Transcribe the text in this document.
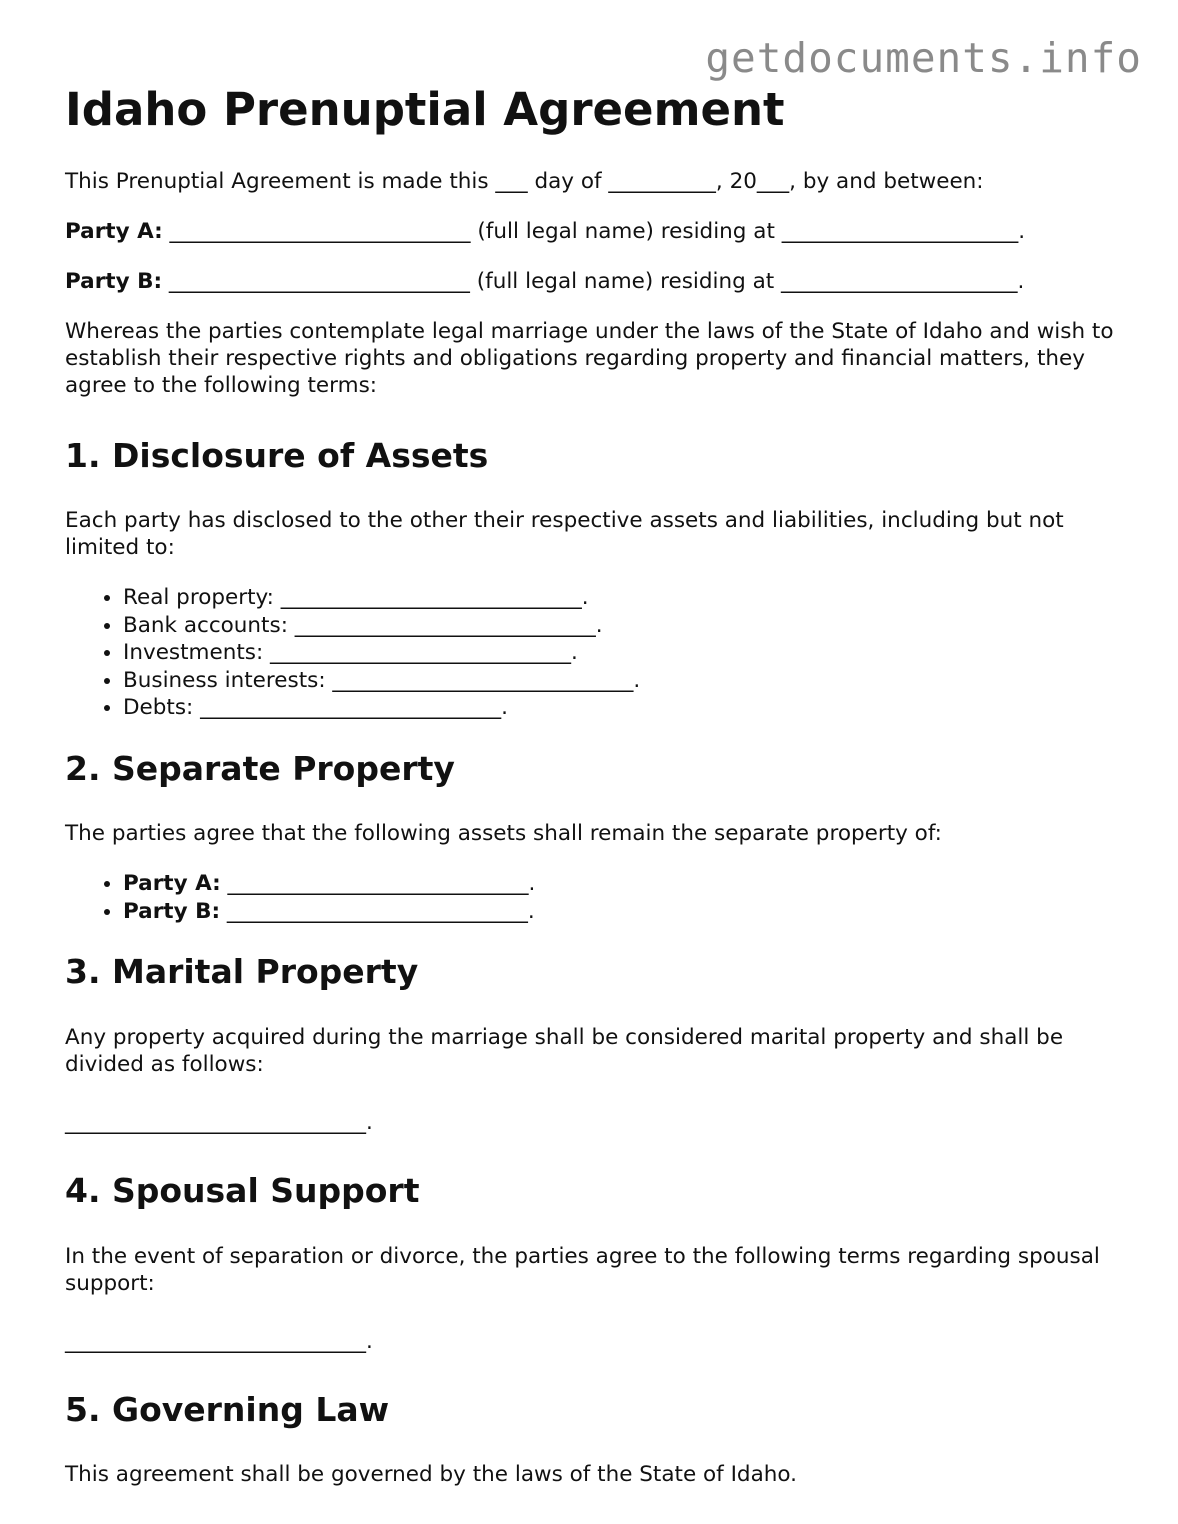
getdocuments.info
Idaho Prenuptial Agreement

This Prenuptial Agreement is made this ___ day of __________, 20___, by and between:

Party A: ____________________________ (full legal name) residing at ______________________.

Party B: ____________________________ (full legal name) residing at ______________________.

Whereas the parties contemplate legal marriage under the laws of the State of Idaho and wish to establish their respective rights and obligations regarding property and financial matters, they agree to the following terms:

1. Disclosure of Assets

Each party has disclosed to the other their respective assets and liabilities, including but not limited to:

• Real property: ____________________________.
• Bank accounts: ____________________________.
• Investments: ____________________________.
• Business interests: ____________________________.
• Debts: ____________________________.
2. Separate Property

The parties agree that the following assets shall remain the separate property of:

• Party A: ____________________________.
• Party B: ____________________________.
3. Marital Property

Any property acquired during the marriage shall be considered marital property and shall be divided as follows:

____________________________.

4. Spousal Support

In the event of separation or divorce, the parties agree to the following terms regarding spousal support:

____________________________.

5. Governing Law

This agreement shall be governed by the laws of the State of Idaho.
